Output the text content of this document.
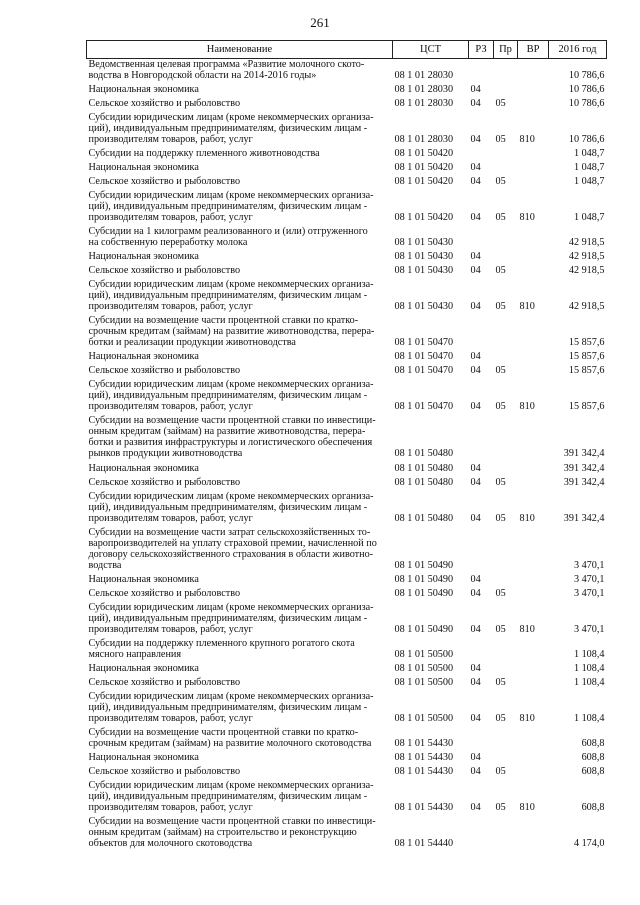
261
Наименование	ЦСТ	РЗ	Пр	ВР	2016 год
Ведомственная целевая программа «Развитие молочного ското-
водства в Новгородской области на 2014-2016 годы»	08 1 01 28030				10 786,6
Национальная экономика	08 1 01 28030	04			10 786,6
Сельское хозяйство и рыболовство	08 1 01 28030	04	05		10 786,6
Субсидии юридическим лицам (кроме некоммерческих организа-
ций), индивидуальным предпринимателям, физическим лицам -
производителям товаров, работ, услуг	08 1 01 28030	04	05	810	10 786,6
Субсидии на поддержку племенного животноводства	08 1 01 50420				1 048,7
Национальная экономика	08 1 01 50420	04			1 048,7
Сельское хозяйство и рыболовство	08 1 01 50420	04	05		1 048,7
Субсидии юридическим лицам (кроме некоммерческих организа-
ций), индивидуальным предпринимателям, физическим лицам -
производителям товаров, работ, услуг	08 1 01 50420	04	05	810	1 048,7
Субсидии на 1 килограмм реализованного и (или) отгруженного
на собственную переработку молока	08 1 01 50430				42 918,5
Национальная экономика	08 1 01 50430	04			42 918,5
Сельское хозяйство и рыболовство	08 1 01 50430	04	05		42 918,5
Субсидии юридическим лицам (кроме некоммерческих организа-
ций), индивидуальным предпринимателям, физическим лицам -
производителям товаров, работ, услуг	08 1 01 50430	04	05	810	42 918,5
Субсидии на возмещение части процентной ставки по кратко-
срочным кредитам (займам) на развитие животноводства, перера-
ботки и реализации продукции животноводства	08 1 01 50470				15 857,6
Национальная экономика	08 1 01 50470	04			15 857,6
Сельское хозяйство и рыболовство	08 1 01 50470	04	05		15 857,6
Субсидии юридическим лицам (кроме некоммерческих организа-
ций), индивидуальным предпринимателям, физическим лицам -
производителям товаров, работ, услуг	08 1 01 50470	04	05	810	15 857,6
Субсидии на возмещение части процентной ставки по инвестици-
онным кредитам (займам) на развитие животноводства, перера-
ботки и развития инфраструктуры и логистического обеспечения
рынков продукции животноводства	08 1 01 50480				391 342,4
Национальная экономика	08 1 01 50480	04			391 342,4
Сельское хозяйство и рыболовство	08 1 01 50480	04	05		391 342,4
Субсидии юридическим лицам (кроме некоммерческих организа-
ций), индивидуальным предпринимателям, физическим лицам -
производителям товаров, работ, услуг	08 1 01 50480	04	05	810	391 342,4
Субсидии на возмещение части затрат сельскохозяйственных то-
варопроизводителей на уплату страховой премии, начисленной по
договору сельскохозяйственного страхования в области животно-
водства	08 1 01 50490				3 470,1
Национальная экономика	08 1 01 50490	04			3 470,1
Сельское хозяйство и рыболовство	08 1 01 50490	04	05		3 470,1
Субсидии юридическим лицам (кроме некоммерческих организа-
ций), индивидуальным предпринимателям, физическим лицам -
производителям товаров, работ, услуг	08 1 01 50490	04	05	810	3 470,1
Субсидии на поддержку племенного крупного рогатого скота
мясного направления	08 1 01 50500				1 108,4
Национальная экономика	08 1 01 50500	04			1 108,4
Сельское хозяйство и рыболовство	08 1 01 50500	04	05		1 108,4
Субсидии юридическим лицам (кроме некоммерческих организа-
ций), индивидуальным предпринимателям, физическим лицам -
производителям товаров, работ, услуг	08 1 01 50500	04	05	810	1 108,4
Субсидии на возмещение части процентной ставки по кратко-
срочным кредитам (займам) на развитие молочного скотоводства	08 1 01 54430				608,8
Национальная экономика	08 1 01 54430	04			608,8
Сельское хозяйство и рыболовство	08 1 01 54430	04	05		608,8
Субсидии юридическим лицам (кроме некоммерческих организа-
ций), индивидуальным предпринимателям, физическим лицам -
производителям товаров, работ, услуг	08 1 01 54430	04	05	810	608,8
Субсидии на возмещение части процентной ставки по инвестици-
онным кредитам (займам) на строительство и реконструкцию
объектов для молочного скотоводства	08 1 01 54440				4 174,0
